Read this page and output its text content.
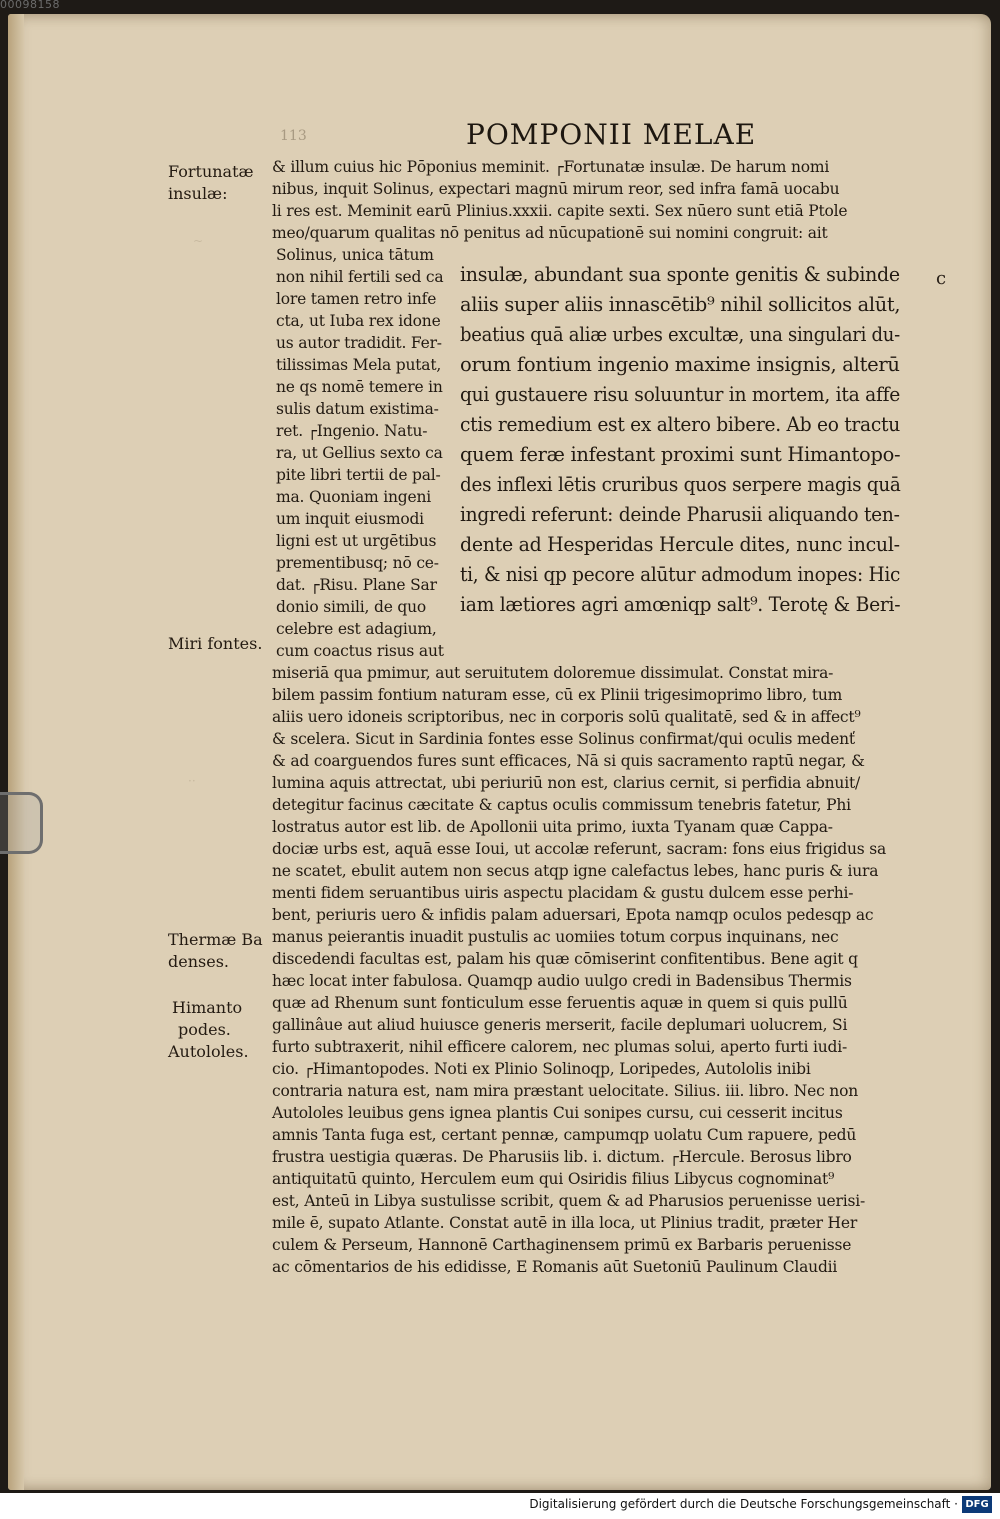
00098158
~
··
113	POMPONII MELAE
Fortunatæ
insulæ:
Miri fontes.
Thermæ Ba
denses.
Himanto
podes.
Autololes.
& illum cuius hic Pōponius meminit. ┌Fortunatæ insulæ. De harum nomi
nibus, inquit Solinus, expectari magnū mirum reor, sed infra famā uocabu
li res est. Meminit earū Plinius.xxxii. capite sexti. Sex nūero sunt etiā Ptole
meo/quarum qualitas nō penitus ad nūcupationē sui nomini congruit: ait
Solinus, unica tātum
non nihil fertili sed ca
lore tamen retro infe
cta, ut Iuba rex idone
us autor tradidit. Fer-
tilissimas Mela putat,
ne qs nomē temere in
sulis datum existima-
ret. ┌Ingenio. Natu-
ra, ut Gellius sexto ca
pite libri tertii de pal-
ma. Quoniam ingeni
um inquit eiusmodi
ligni est ut urgētibus
prementibusq; nō ce-
dat. ┌Risu. Plane Sar
donio simili, de quo
celebre est adagium,
cum coactus risus aut
insulæ, abundant sua sponte genitis & subinde
aliis super aliis innascētib⁹ nihil sollicitos alūt,
beatius quā aliæ urbes excultæ, una singulari du-
orum fontium ingenio maxime insignis, alterū
qui gustauere risu soluuntur in mortem, ita affe
ctis remedium est ex altero bibere. Ab eo tractu
quem feræ infestant proximi sunt Himantopo-
des inflexi lētis cruribus quos serpere magis quā
ingredi referunt: deinde Pharusii aliquando ten-
dente ad Hesperidas Hercule dites, nunc incul-
ti, & nisi qp pecore alūtur admodum inopes: Hic
iam lætiores agri amœniqp salt⁹. Terotę & Beri-
c
miseriā qua pmimur, aut seruitutem doloremue dissimulat. Constat mira-
bilem passim fontium naturam esse, cū ex Plinii trigesimoprimo libro, tum
aliis uero idoneis scriptoribus, nec in corporis solū qualitatē, sed & in affect⁹
& scelera. Sicut in Sardinia fontes esse Solinus confirmat/qui oculis medenť
& ad coarguendos fures sunt efficaces, Nā si quis sacramento raptū negar, &
lumina aquis attrectat, ubi periuriū non est, clarius cernit, si perfidia abnuit/
detegitur facinus cæcitate & captus oculis commissum tenebris fatetur, Phi
lostratus autor est lib. de Apollonii uita primo, iuxta Tyanam quæ Cappa-
dociæ urbs est, aquā esse Ioui, ut accolæ referunt, sacram: fons eius frigidus sa
ne scatet, ebulit autem non secus atqp igne calefactus lebes, hanc puris & iura
menti fidem seruantibus uiris aspectu placidam & gustu dulcem esse perhi-
bent, periuris uero & infidis palam aduersari, Epota namqp oculos pedesqp ac
manus peierantis inuadit pustulis ac uomiies totum corpus inquinans, nec
discedendi facultas est, palam his quæ cōmiserint confitentibus. Bene agit q
hæc locat inter fabulosa. Quamqp audio uulgo credi in Badensibus Thermis
quæ ad Rhenum sunt fonticulum esse feruentis aquæ in quem si quis pullū
gallinâue aut aliud huiusce generis merserit, facile deplumari uolucrem, Si
furto subtraxerit, nihil efficere calorem, nec plumas solui, aperto furti iudi-
cio. ┌Himantopodes. Noti ex Plinio Solinoqp, Loripedes, Autololis inibi
contraria natura est, nam mira præstant uelocitate. Silius. iii. libro. Nec non
Autololes leuibus gens ignea plantis Cui sonipes cursu, cui cesserit incitus
amnis Tanta fuga est, certant pennæ, campumqp uolatu Cum rapuere, pedū
frustra uestigia quæras. De Pharusiis lib. i. dictum. ┌Hercule. Berosus libro
antiquitatū quinto, Herculem eum qui Osiridis filius Libycus cognominat⁹
est, Anteū in Libya sustulisse scribit, quem & ad Pharusios peruenisse uerisi-
mile ē, supato Atlante. Constat autē in illa loca, ut Plinius tradit, præter Her
culem & Perseum, Hannonē Carthaginensem primū ex Barbaris peruenisse
ac cōmentarios de his edidisse, E Romanis aūt Suetoniū Paulinum Claudii
Digitalisierung gefördert durch die Deutsche Forschungsgemeinschaft · DFG
